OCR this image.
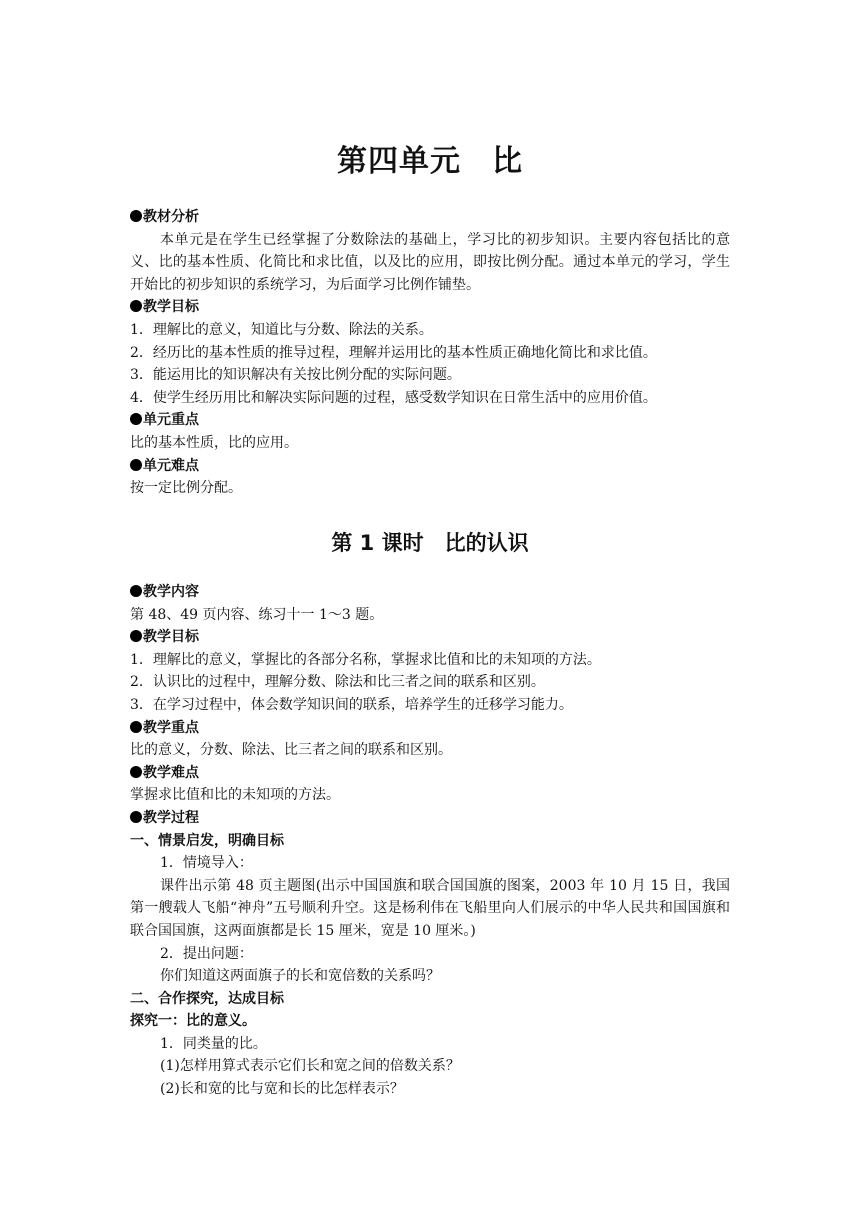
第四单元　比

教材分析

本单元是在学生已经掌握了分数除法的基础上，学习比的初步知识。主要内容包括比的意义、比的基本性质、化简比和求比值，以及比的应用，即按比例分配。通过本单元的学习，学生开始比的初步知识的系统学习，为后面学习比例作铺垫。

教学目标

1．理解比的意义，知道比与分数、除法的关系。

2．经历比的基本性质的推导过程，理解并运用比的基本性质正确地化简比和求比值。

3．能运用比的知识解决有关按比例分配的实际问题。

4．使学生经历用比和解决实际问题的过程，感受数学知识在日常生活中的应用价值。

单元重点

比的基本性质，比的应用。

单元难点

按一定比例分配。

第 1 课时　比的认识

教学内容

第 48、49 页内容、练习十一 1～3 题。

教学目标

1．理解比的意义，掌握比的各部分名称，掌握求比值和比的未知项的方法。

2．认识比的过程中，理解分数、除法和比三者之间的联系和区别。

3．在学习过程中，体会数学知识间的联系，培养学生的迁移学习能力。

教学重点

比的意义，分数、除法、比三者之间的联系和区别。

教学难点

掌握求比值和比的未知项的方法。

教学过程

一、情景启发，明确目标

1．情境导入：

课件出示第 48 页主题图(出示中国国旗和联合国国旗的图案，2003 年 10 月 15 日，我国第一艘载人飞船“神舟”五号顺利升空。这是杨利伟在飞船里向人们展示的中华人民共和国国旗和联合国国旗，这两面旗都是长 15 厘米，宽是 10 厘米。)

2．提出问题：

你们知道这两面旗子的长和宽倍数的关系吗？

二、合作探究，达成目标

探究一：比的意义。

1．同类量的比。

(1)怎样用算式表示它们长和宽之间的倍数关系？

(2)长和宽的比与宽和长的比怎样表示？
